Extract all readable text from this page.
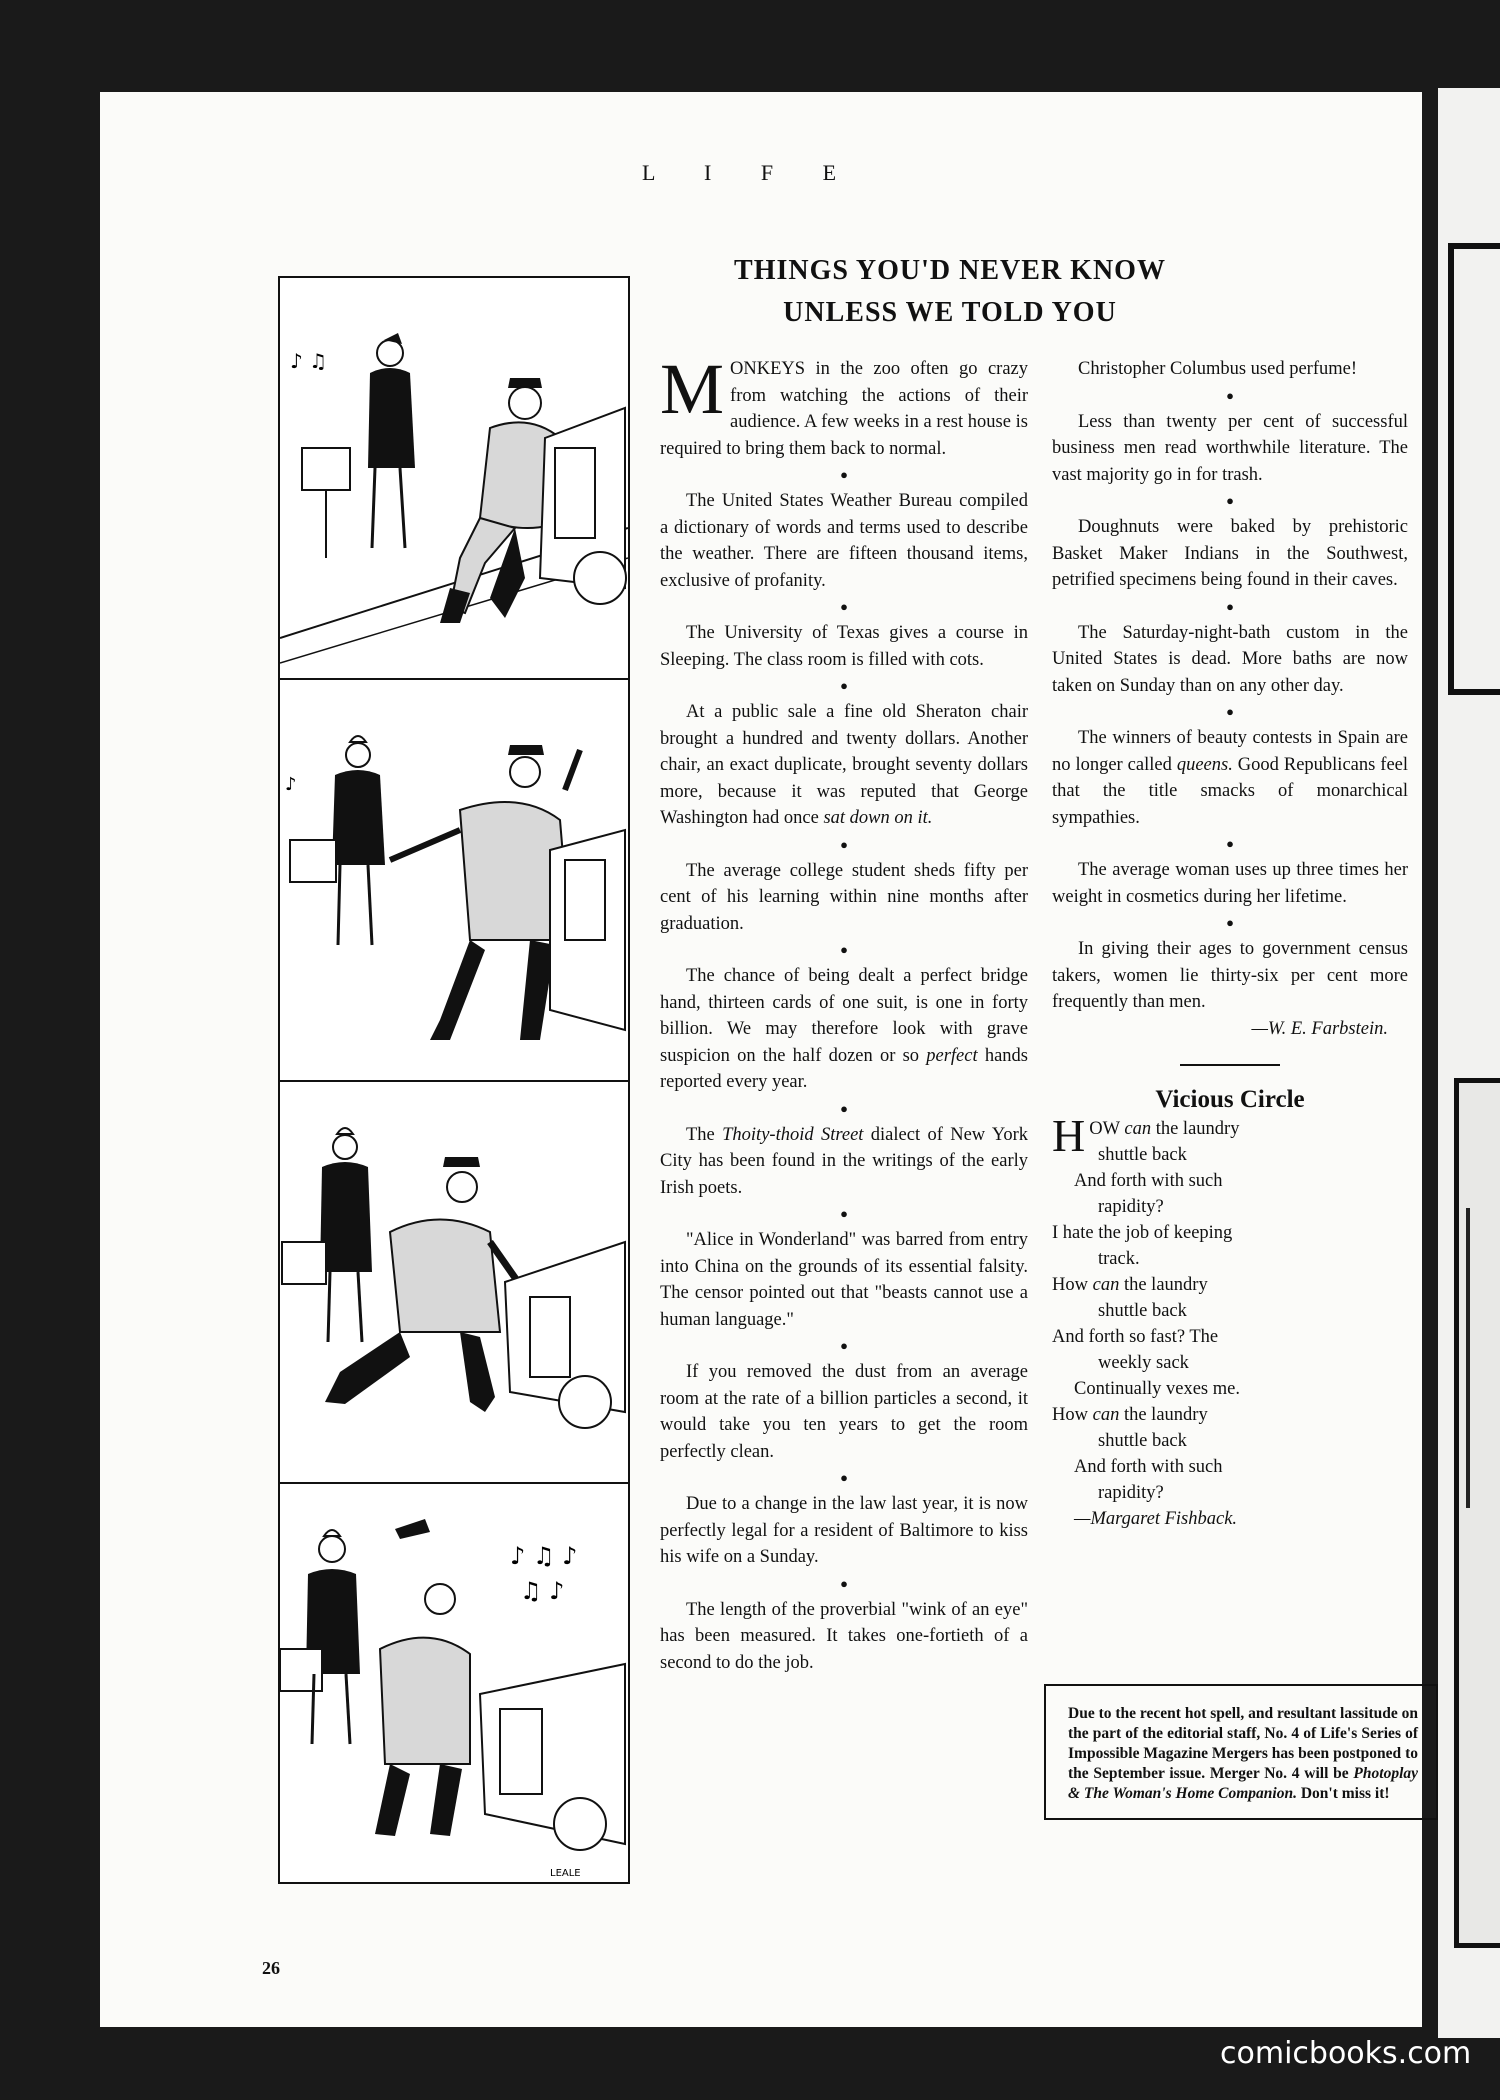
L I F E
♪ ♫
♪
♪ ♫ ♪
♫ ♪
LEALE
THINGS YOU'D NEVER KNOW
UNLESS WE TOLD YOU

MONKEYS in the zoo often go crazy from watching the actions of their audience. A few weeks in a rest house is required to bring them back to normal.

●

The United States Weather Bureau compiled a dictionary of words and terms used to describe the weather. There are fifteen thousand items, exclusive of profanity.

●

The University of Texas gives a course in Sleeping. The class room is filled with cots.

●

At a public sale a fine old Sheraton chair brought a hundred and twenty dollars. Another chair, an exact duplicate, brought seventy dollars more, because it was reputed that George Washington had once sat down on it.

●

The average college student sheds fifty per cent of his learning within nine months after graduation.

●

The chance of being dealt a perfect bridge hand, thirteen cards of one suit, is one in forty billion. We may therefore look with grave suspicion on the half dozen or so perfect hands reported every year.

●

The Thoity-thoid Street dialect of New York City has been found in the writings of the early Irish poets.

●

"Alice in Wonderland" was barred from entry into China on the grounds of its essential falsity. The censor pointed out that "beasts cannot use a human language."

●

If you removed the dust from an average room at the rate of a billion particles a second, it would take you ten years to get the room perfectly clean.

●

Due to a change in the law last year, it is now perfectly legal for a resident of Baltimore to kiss his wife on a Sunday.

●

The length of the proverbial "wink of an eye" has been measured. It takes one-fortieth of a second to do the job.

Christopher Columbus used perfume!

●

Less than twenty per cent of successful business men read worthwhile literature. The vast majority go in for trash.

●

Doughnuts were baked by prehistoric Basket Maker Indians in the Southwest, petrified specimens being found in their caves.

●

The Saturday-night-bath custom in the United States is dead. More baths are now taken on Sunday than on any other day.

●

The winners of beauty contests in Spain are no longer called queens. Good Republicans feel that the title smacks of monarchical sympathies.

●

The average woman uses up three times her weight in cosmetics during her lifetime.

●

In giving their ages to government census takers, women lie thirty-six per cent more frequently than men.

—W. E. Farbstein.
Vicious Circle
HOW can the laundry
shuttle back
And forth with such
rapidity?
I hate the job of keeping
track.
How can the laundry
shuttle back
And forth so fast? The
weekly sack
Continually vexes me.
How can the laundry
shuttle back
And forth with such
rapidity?
—Margaret Fishback.
Due to the recent hot spell, and resultant lassitude on the part of the editorial staff, No. 4 of Life's Series of Impossible Magazine Mergers has been postponed to the September issue. Merger No. 4 will be Photoplay & The Woman's Home Companion. Don't miss it!
26
comicbooks.com
